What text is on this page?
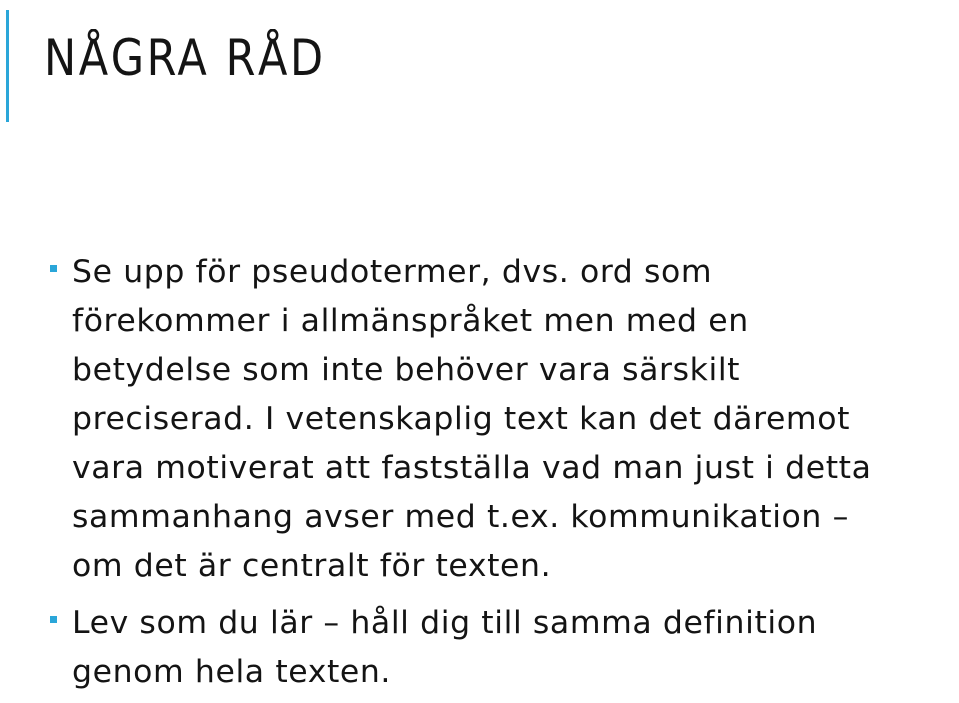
NÅGRA RÅD
Se upp för pseudotermer, dvs. ord som
förekommer i allmänspråket men med en
betydelse som inte behöver vara särskilt
preciserad. I vetenskaplig text kan det däremot
vara motiverat att fastställa vad man just i detta
sammanhang avser med t.ex. kommunikation –
om det är centralt för texten.
Lev som du lär – håll dig till samma definition
genom hela texten.
